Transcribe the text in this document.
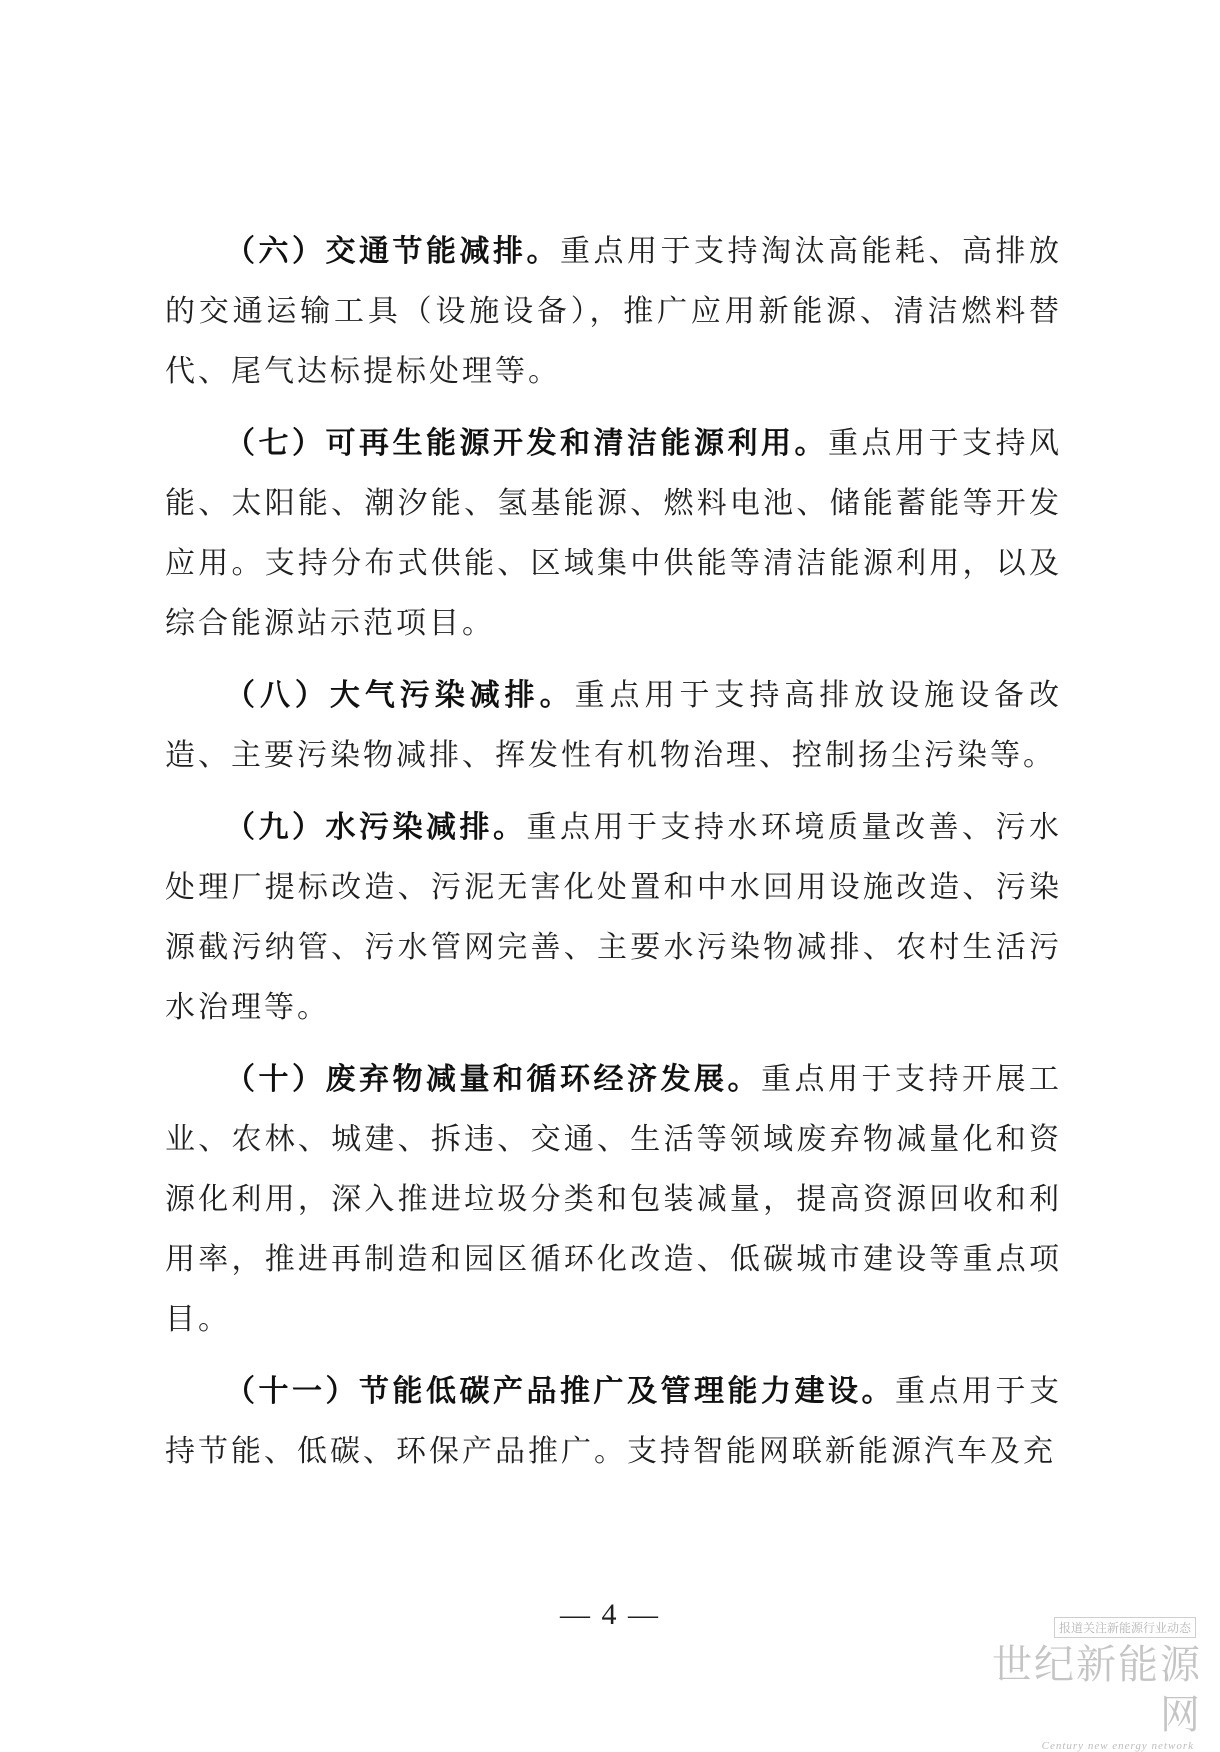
（六）交通节能减排。重点用于支持淘汰高能耗、高排放的交通运输工具（设施设备），推广应用新能源、清洁燃料替代、尾气达标提标处理等。

（七）可再生能源开发和清洁能源利用。重点用于支持风能、太阳能、潮汐能、氢基能源、燃料电池、储能蓄能等开发应用。支持分布式供能、区域集中供能等清洁能源利用，以及综合能源站示范项目。

（八）大气污染减排。重点用于支持高排放设施设备改造、主要污染物减排、挥发性有机物治理、控制扬尘污染等。

（九）水污染减排。重点用于支持水环境质量改善、污水处理厂提标改造、污泥无害化处置和中水回用设施改造、污染源截污纳管、污水管网完善、主要水污染物减排、农村生活污水治理等。

（十）废弃物减量和循环经济发展。重点用于支持开展工业、农林、城建、拆违、交通、生活等领域废弃物减量化和资源化利用，深入推进垃圾分类和包装减量，提高资源回收和利用率，推进再制造和园区循环化改造、低碳城市建设等重点项目。

（十一）节能低碳产品推广及管理能力建设。重点用于支持节能、低碳、环保产品推广。支持智能网联新能源汽车及充

— 4 —	报道关注新能源行业动态
世纪新能源网
Century new energy network
